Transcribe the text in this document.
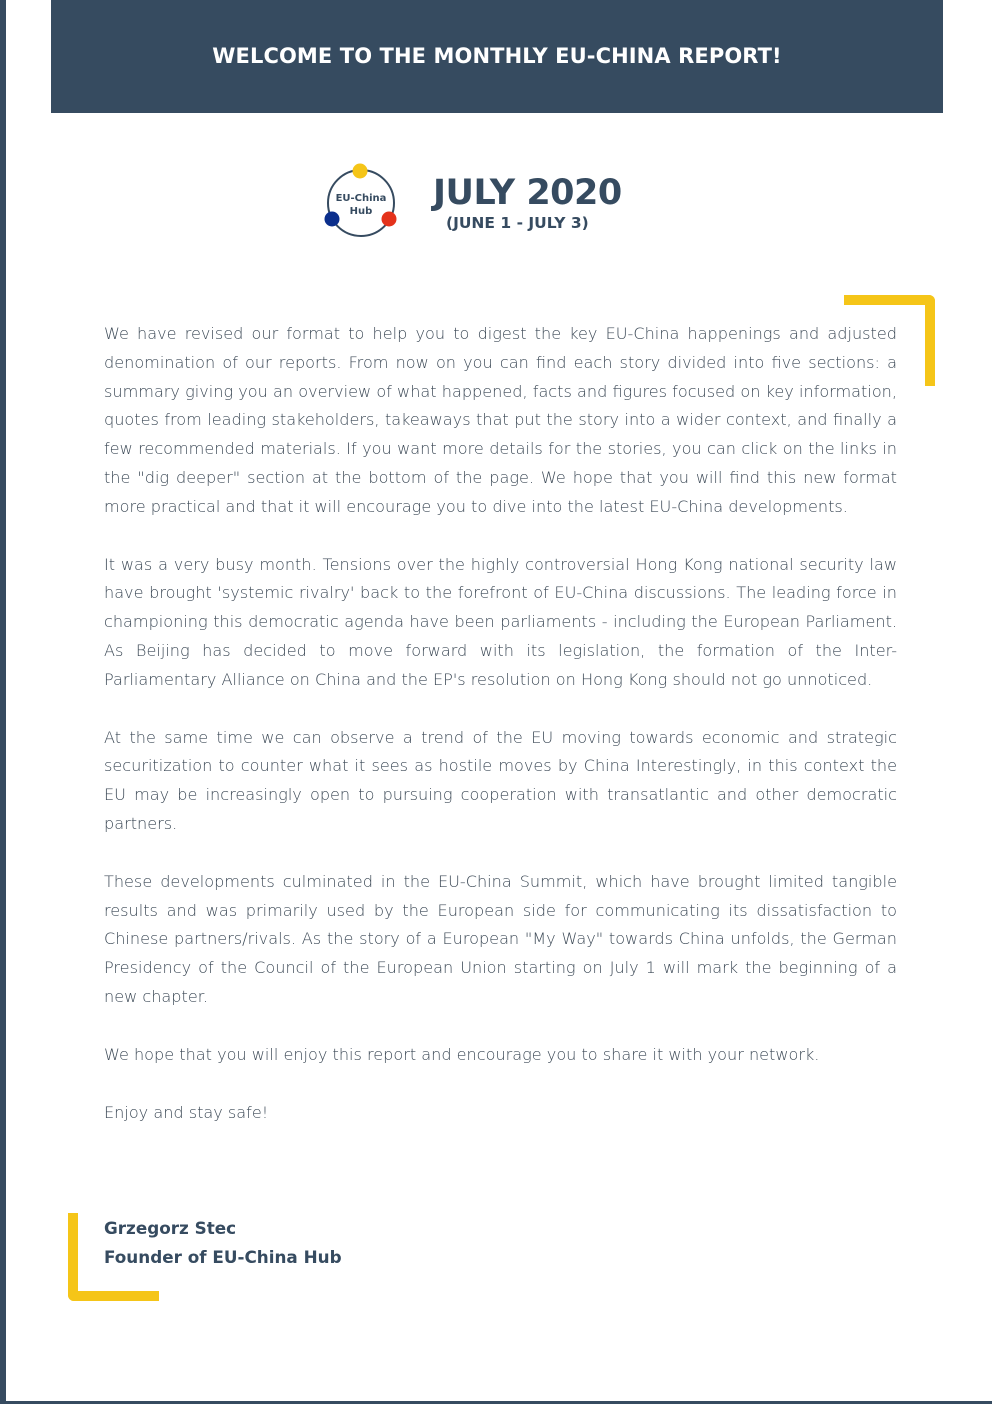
WELCOME TO THE MONTHLY EU-CHINA REPORT!
EU-China
Hub JULY 2020
(JUNE 1 - JULY 3)

We have revised our format to help you to digest the key EU-China happenings and adjusted denomination of our reports. From now on you can find each story divided into five sections: a summary giving you an overview of what happened, facts and figures focused on key information, quotes from leading stakeholders, takeaways that put the story into a wider context, and finally a few recommended materials. If you want more details for the stories, you can click on the links in the "dig deeper" section at the bottom of the page. We hope that you will find this new format more practical and that it will encourage you to dive into the latest EU-China developments.

It was a very busy month. Tensions over the highly controversial Hong Kong national security law have brought 'systemic rivalry' back to the forefront of EU-China discussions. The leading force in championing this democratic agenda have been parliaments - including the European Parliament. As Beijing has decided to move forward with its legislation, the formation of the Inter-Parliamentary Alliance on China and the EP's resolution on Hong Kong should not go unnoticed.

At the same time we can observe a trend of the EU moving towards economic and strategic securitization to counter what it sees as hostile moves by China Interestingly, in this context the EU may be increasingly open to pursuing cooperation with transatlantic and other democratic partners.

These developments culminated in the EU-China Summit, which have brought limited tangible results and was primarily used by the European side for communicating its dissatisfaction to Chinese partners/rivals. As the story of a European "My Way" towards China unfolds, the German Presidency of the Council of the European Union starting on July 1 will mark the beginning of a new chapter.

We hope that you will enjoy this report and encourage you to share it with your network.

Enjoy and stay safe!

Grzegorz Stec
Founder of EU-China Hub
